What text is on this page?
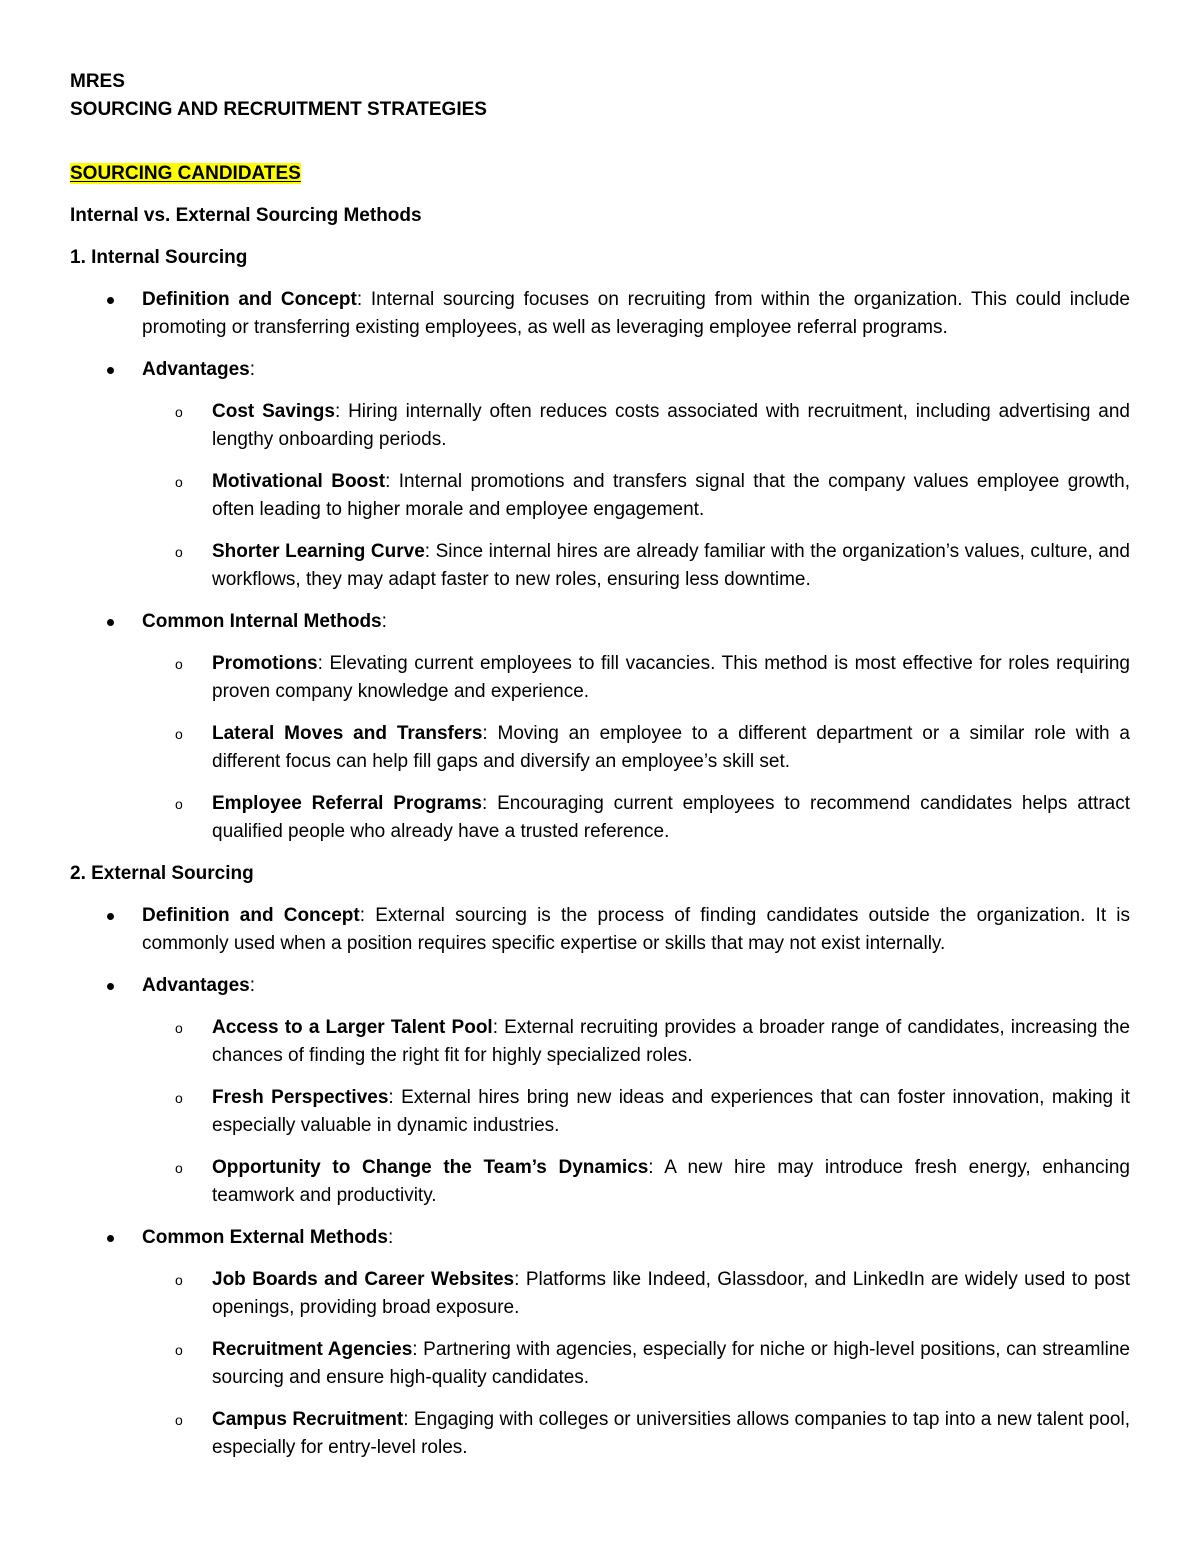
MRES
SOURCING AND RECRUITMENT STRATEGIES
SOURCING CANDIDATES
Internal vs. External Sourcing Methods
1. Internal Sourcing
Definition and Concept: Internal sourcing focuses on recruiting from within the organization. This could include promoting or transferring existing employees, as well as leveraging employee referral programs.
Advantages:
o Cost Savings: Hiring internally often reduces costs associated with recruitment, including advertising and lengthy onboarding periods.
o Motivational Boost: Internal promotions and transfers signal that the company values employee growth, often leading to higher morale and employee engagement.
o Shorter Learning Curve: Since internal hires are already familiar with the organization’s values, culture, and workflows, they may adapt faster to new roles, ensuring less downtime.
Common Internal Methods:
o Promotions: Elevating current employees to fill vacancies. This method is most effective for roles requiring proven company knowledge and experience.
o Lateral Moves and Transfers: Moving an employee to a different department or a similar role with a different focus can help fill gaps and diversify an employee’s skill set.
o Employee Referral Programs: Encouraging current employees to recommend candidates helps attract qualified people who already have a trusted reference.
2. External Sourcing
Definition and Concept: External sourcing is the process of finding candidates outside the organization. It is commonly used when a position requires specific expertise or skills that may not exist internally.
Advantages:
o Access to a Larger Talent Pool: External recruiting provides a broader range of candidates, increasing the chances of finding the right fit for highly specialized roles.
o Fresh Perspectives: External hires bring new ideas and experiences that can foster innovation, making it especially valuable in dynamic industries.
o Opportunity to Change the Team’s Dynamics: A new hire may introduce fresh energy, enhancing teamwork and productivity.
Common External Methods:
o Job Boards and Career Websites: Platforms like Indeed, Glassdoor, and LinkedIn are widely used to post openings, providing broad exposure.
o Recruitment Agencies: Partnering with agencies, especially for niche or high-level positions, can streamline sourcing and ensure high-quality candidates.
o Campus Recruitment: Engaging with colleges or universities allows companies to tap into a new talent pool, especially for entry-level roles.
